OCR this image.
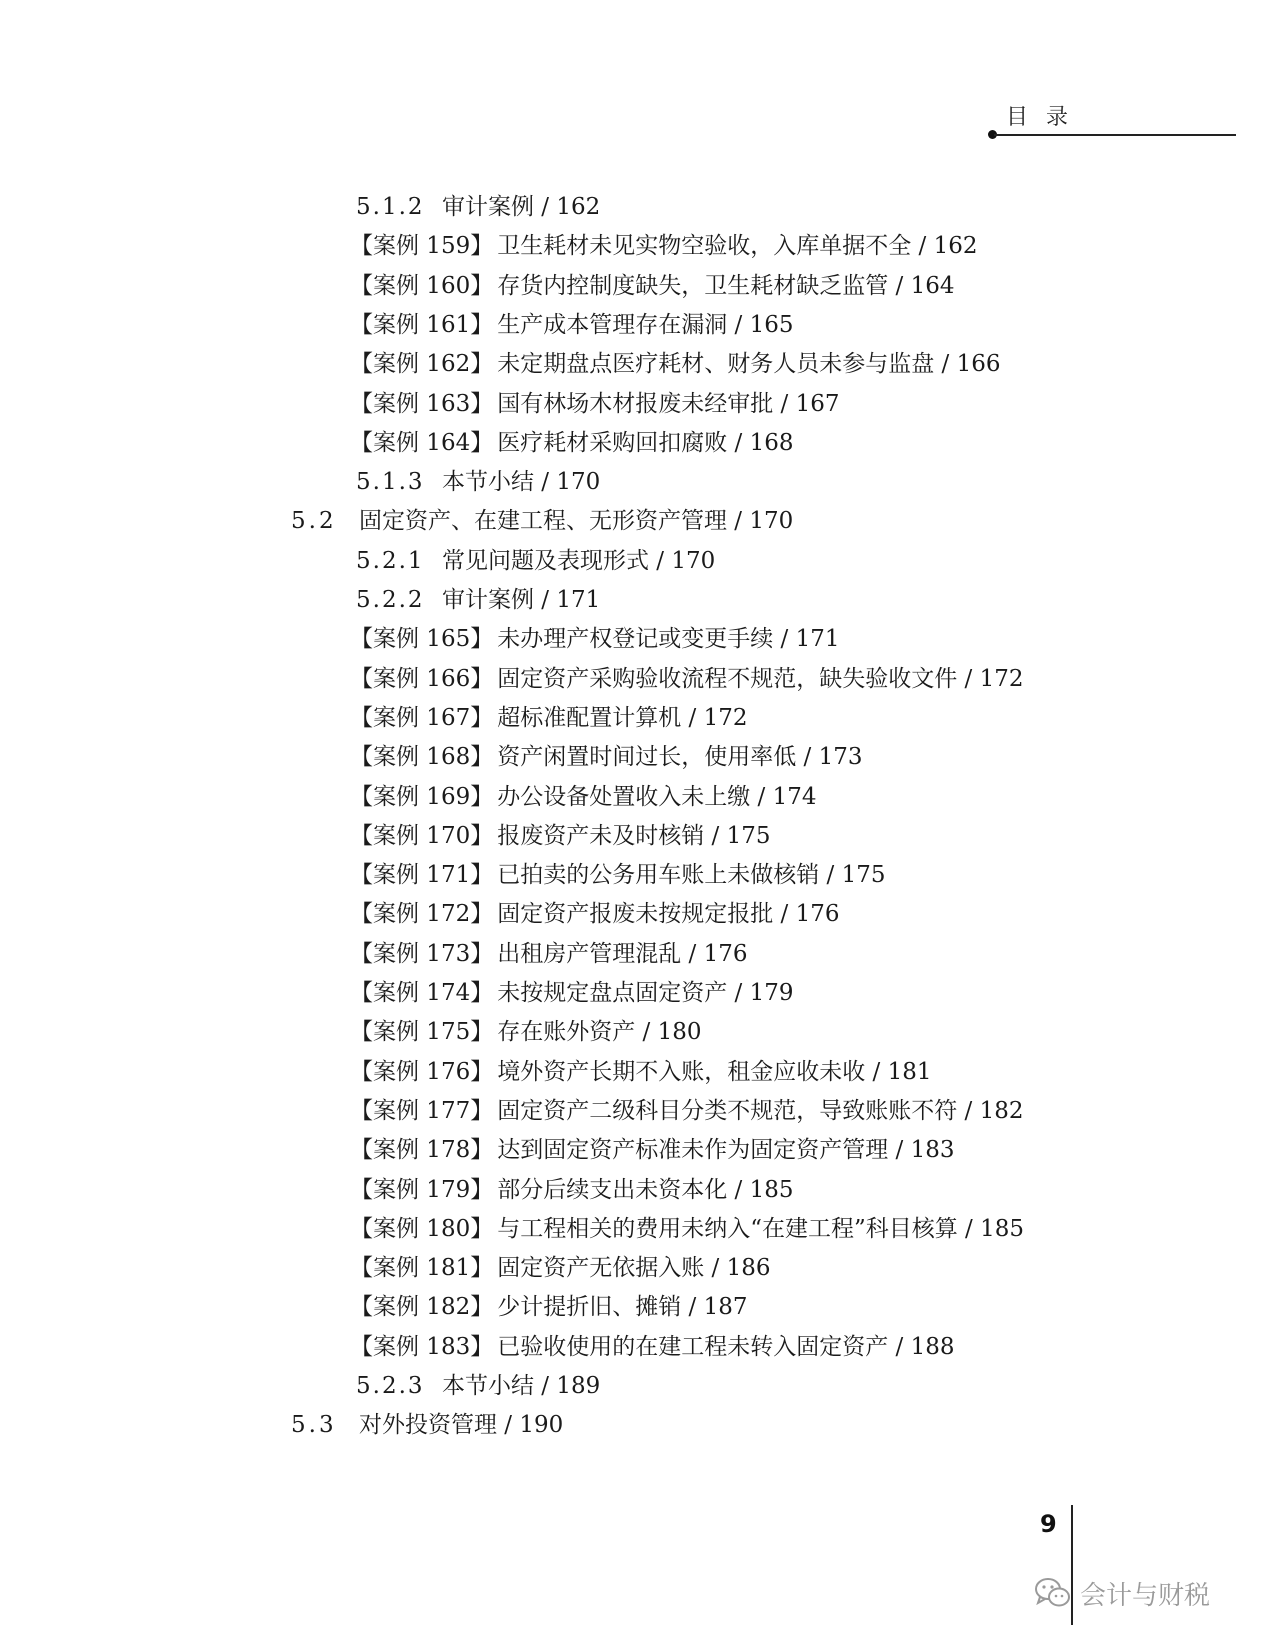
目录
5.1.2 审计案例 / 162
【案例 159】 卫生耗材未见实物空验收，入库单据不全 / 162
【案例 160】 存货内控制度缺失，卫生耗材缺乏监管 / 164
【案例 161】 生产成本管理存在漏洞 / 165
【案例 162】 未定期盘点医疗耗材、财务人员未参与监盘 / 166
【案例 163】 国有林场木材报废未经审批 / 167
【案例 164】 医疗耗材采购回扣腐败 / 168
5.1.3 本节小结 / 170
5.2 固定资产、在建工程、无形资产管理 / 170
5.2.1 常见问题及表现形式 / 170
5.2.2 审计案例 / 171
【案例 165】 未办理产权登记或变更手续 / 171
【案例 166】 固定资产采购验收流程不规范，缺失验收文件 / 172
【案例 167】 超标准配置计算机 / 172
【案例 168】 资产闲置时间过长，使用率低 / 173
【案例 169】 办公设备处置收入未上缴 / 174
【案例 170】 报废资产未及时核销 / 175
【案例 171】 已拍卖的公务用车账上未做核销 / 175
【案例 172】 固定资产报废未按规定报批 / 176
【案例 173】 出租房产管理混乱 / 176
【案例 174】 未按规定盘点固定资产 / 179
【案例 175】 存在账外资产 / 180
【案例 176】 境外资产长期不入账，租金应收未收 / 181
【案例 177】 固定资产二级科目分类不规范，导致账账不符 / 182
【案例 178】 达到固定资产标准未作为固定资产管理 / 183
【案例 179】 部分后续支出未资本化 / 185
【案例 180】 与工程相关的费用未纳入“在建工程”科目核算 / 185
【案例 181】 固定资产无依据入账 / 186
【案例 182】 少计提折旧、摊销 / 187
【案例 183】 已验收使用的在建工程未转入固定资产 / 188
5.2.3 本节小结 / 189
5.3 对外投资管理 / 190
9
会计与财税
